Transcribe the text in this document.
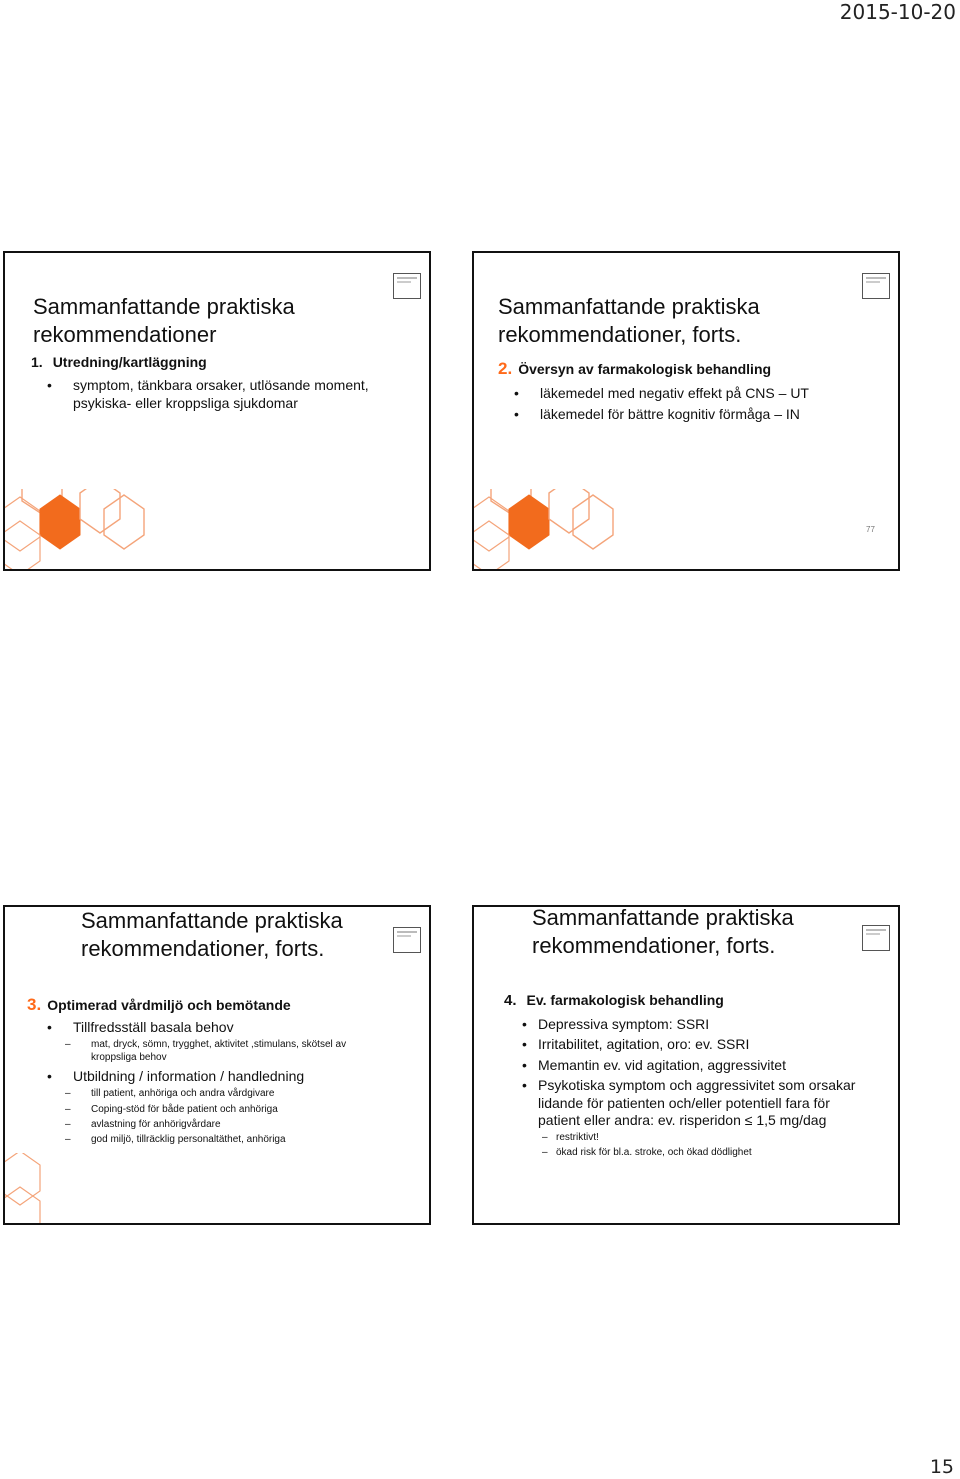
2015-10-20
Sammanfattande praktiska
rekommendationer
1. Utredning/kartläggning
• symptom, tänkbara orsaker, utlösande moment,
psykiska- eller kroppsliga sjukdomar
Sammanfattande praktiska
rekommendationer, forts.
2. Översyn av farmakologisk behandling
• läkemedel med negativ effekt på CNS – UT
• läkemedel för bättre kognitiv förmåga – IN
77
Sammanfattande praktiska
rekommendationer, forts.
3. Optimerad vårdmiljö och bemötande
• Tillfredsställ basala behov
– mat, dryck, sömn, trygghet, aktivitet ,stimulans, skötsel av
kroppsliga behov
• Utbildning / information / handledning
– till patient, anhöriga och andra vårdgivare
– Coping-stöd för både patient och anhöriga
– avlastning för anhörigvårdare
– god miljö, tillräcklig personaltäthet, anhöriga
Sammanfattande praktiska
rekommendationer, forts.
4. Ev. farmakologisk behandling
• Depressiva symptom: SSRI
• Irritabilitet, agitation, oro: ev. SSRI
• Memantin ev. vid agitation, aggressivitet
• Psykotiska symptom och aggressivitet som orsakar
lidande för patienten och/eller potentiell fara för
patient eller andra: ev. risperidon ≤ 1,5 mg/dag
– restriktivt!
– ökad risk för bl.a. stroke, och ökad dödlighet
15
